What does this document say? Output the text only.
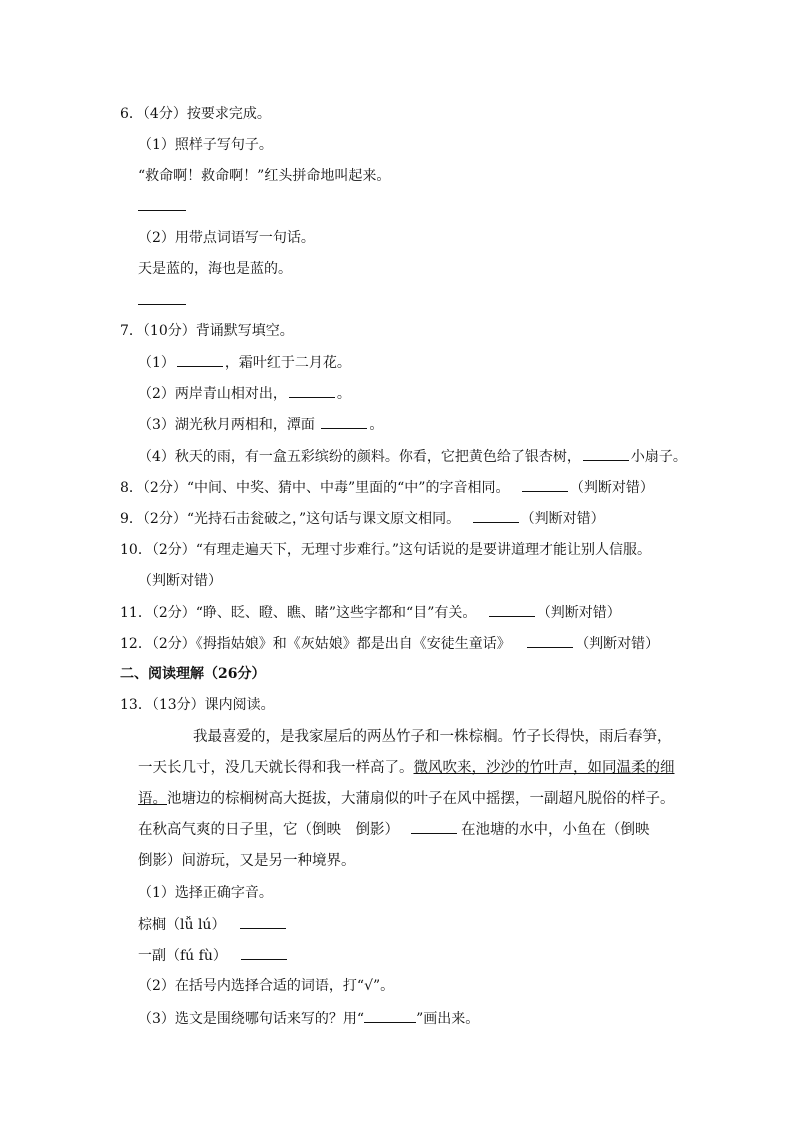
6．（4分）按要求完成。
（1）照样子写句子。
“救命啊！救命啊！”红头拼命地叫起来。
（2）用带点词语写一句话。
天是蓝的，海也是蓝的。
7．（10分）背诵默写填空。
（1）	，霜叶红于二月花。
（2）两岸青山相对出，	。
（3）湖光秋月两相和，潭面	。
（4）秋天的雨，有一盒五彩缤纷的颜料。你看，它把黄色给了银杏树，	小扇子。
8．（2分）“中间、中奖、猜中、中毒”里面的“中”的字音相同。	（判断对错）
9．（2分）“光持石击瓮破之，”这句话与课文原文相同。	（判断对错）
10．（2分）“有理走遍天下，无理寸步难行。”这句话说的是要讲道理才能让别人信服。
（判断对错）
11．（2分）“睁、眨、瞪、瞧、睹”这些字都和“目”有关。	（判断对错）
12．（2分）《拇指姑娘》和《灰姑娘》都是出自《安徒生童话》	（判断对错）
二、阅读理解（26分）
13．（13分）课内阅读。
我最喜爱的，是我家屋后的两丛竹子和一株棕榈。竹子长得快，雨后春笋，一天长几寸，没几天就长得和我一样高了。微风吹来，沙沙的竹叶声，如同温柔的细语。池塘边的棕榈树高大挺拔，大蒲扇似的叶子在风中摇摆，一副超凡脱俗的样子。在秋高气爽的日子里，它（倒映　倒影）	在池塘的水中，小鱼在（倒映　倒影）间游玩，又是另一种境界。
（1）选择正确字音。
棕榈（lǚ lú）
一副（fú fù）
（2）在括号内选择合适的词语，打“√”。
（3）选文是围绕哪句话来写的？用“	”画出来。
